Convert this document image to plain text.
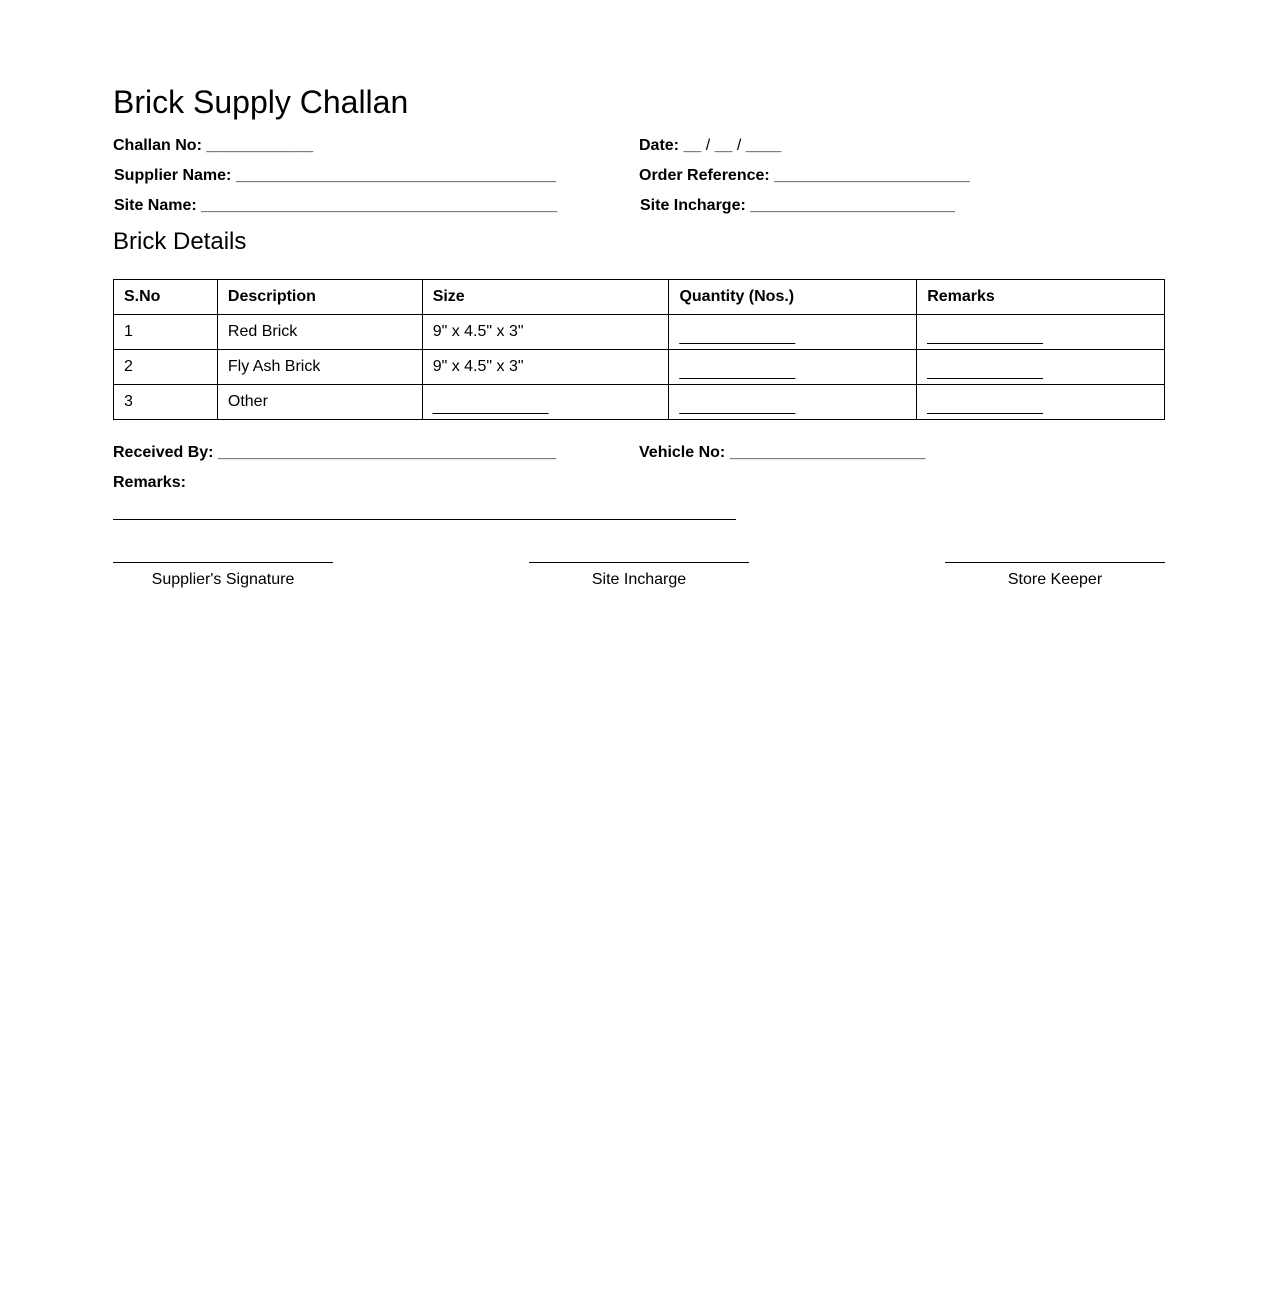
Brick Supply Challan
Challan No: ____________	Date: __ / __ / ____
Supplier Name: ____________________________________	Order Reference: ______________________
Site Name: ________________________________________	Site Incharge: _______________________
Brick Details
S.No	Description	Size	Quantity (Nos.)	Remarks
1	Red Brick	9" x 4.5" x 3"	_____________	_____________
2	Fly Ash Brick	9" x 4.5" x 3"	_____________	_____________
3	Other	_____________	_____________	_____________
Received By: ______________________________________	Vehicle No: ______________________
Remarks:
Supplier's Signature	Site Incharge	Store Keeper
